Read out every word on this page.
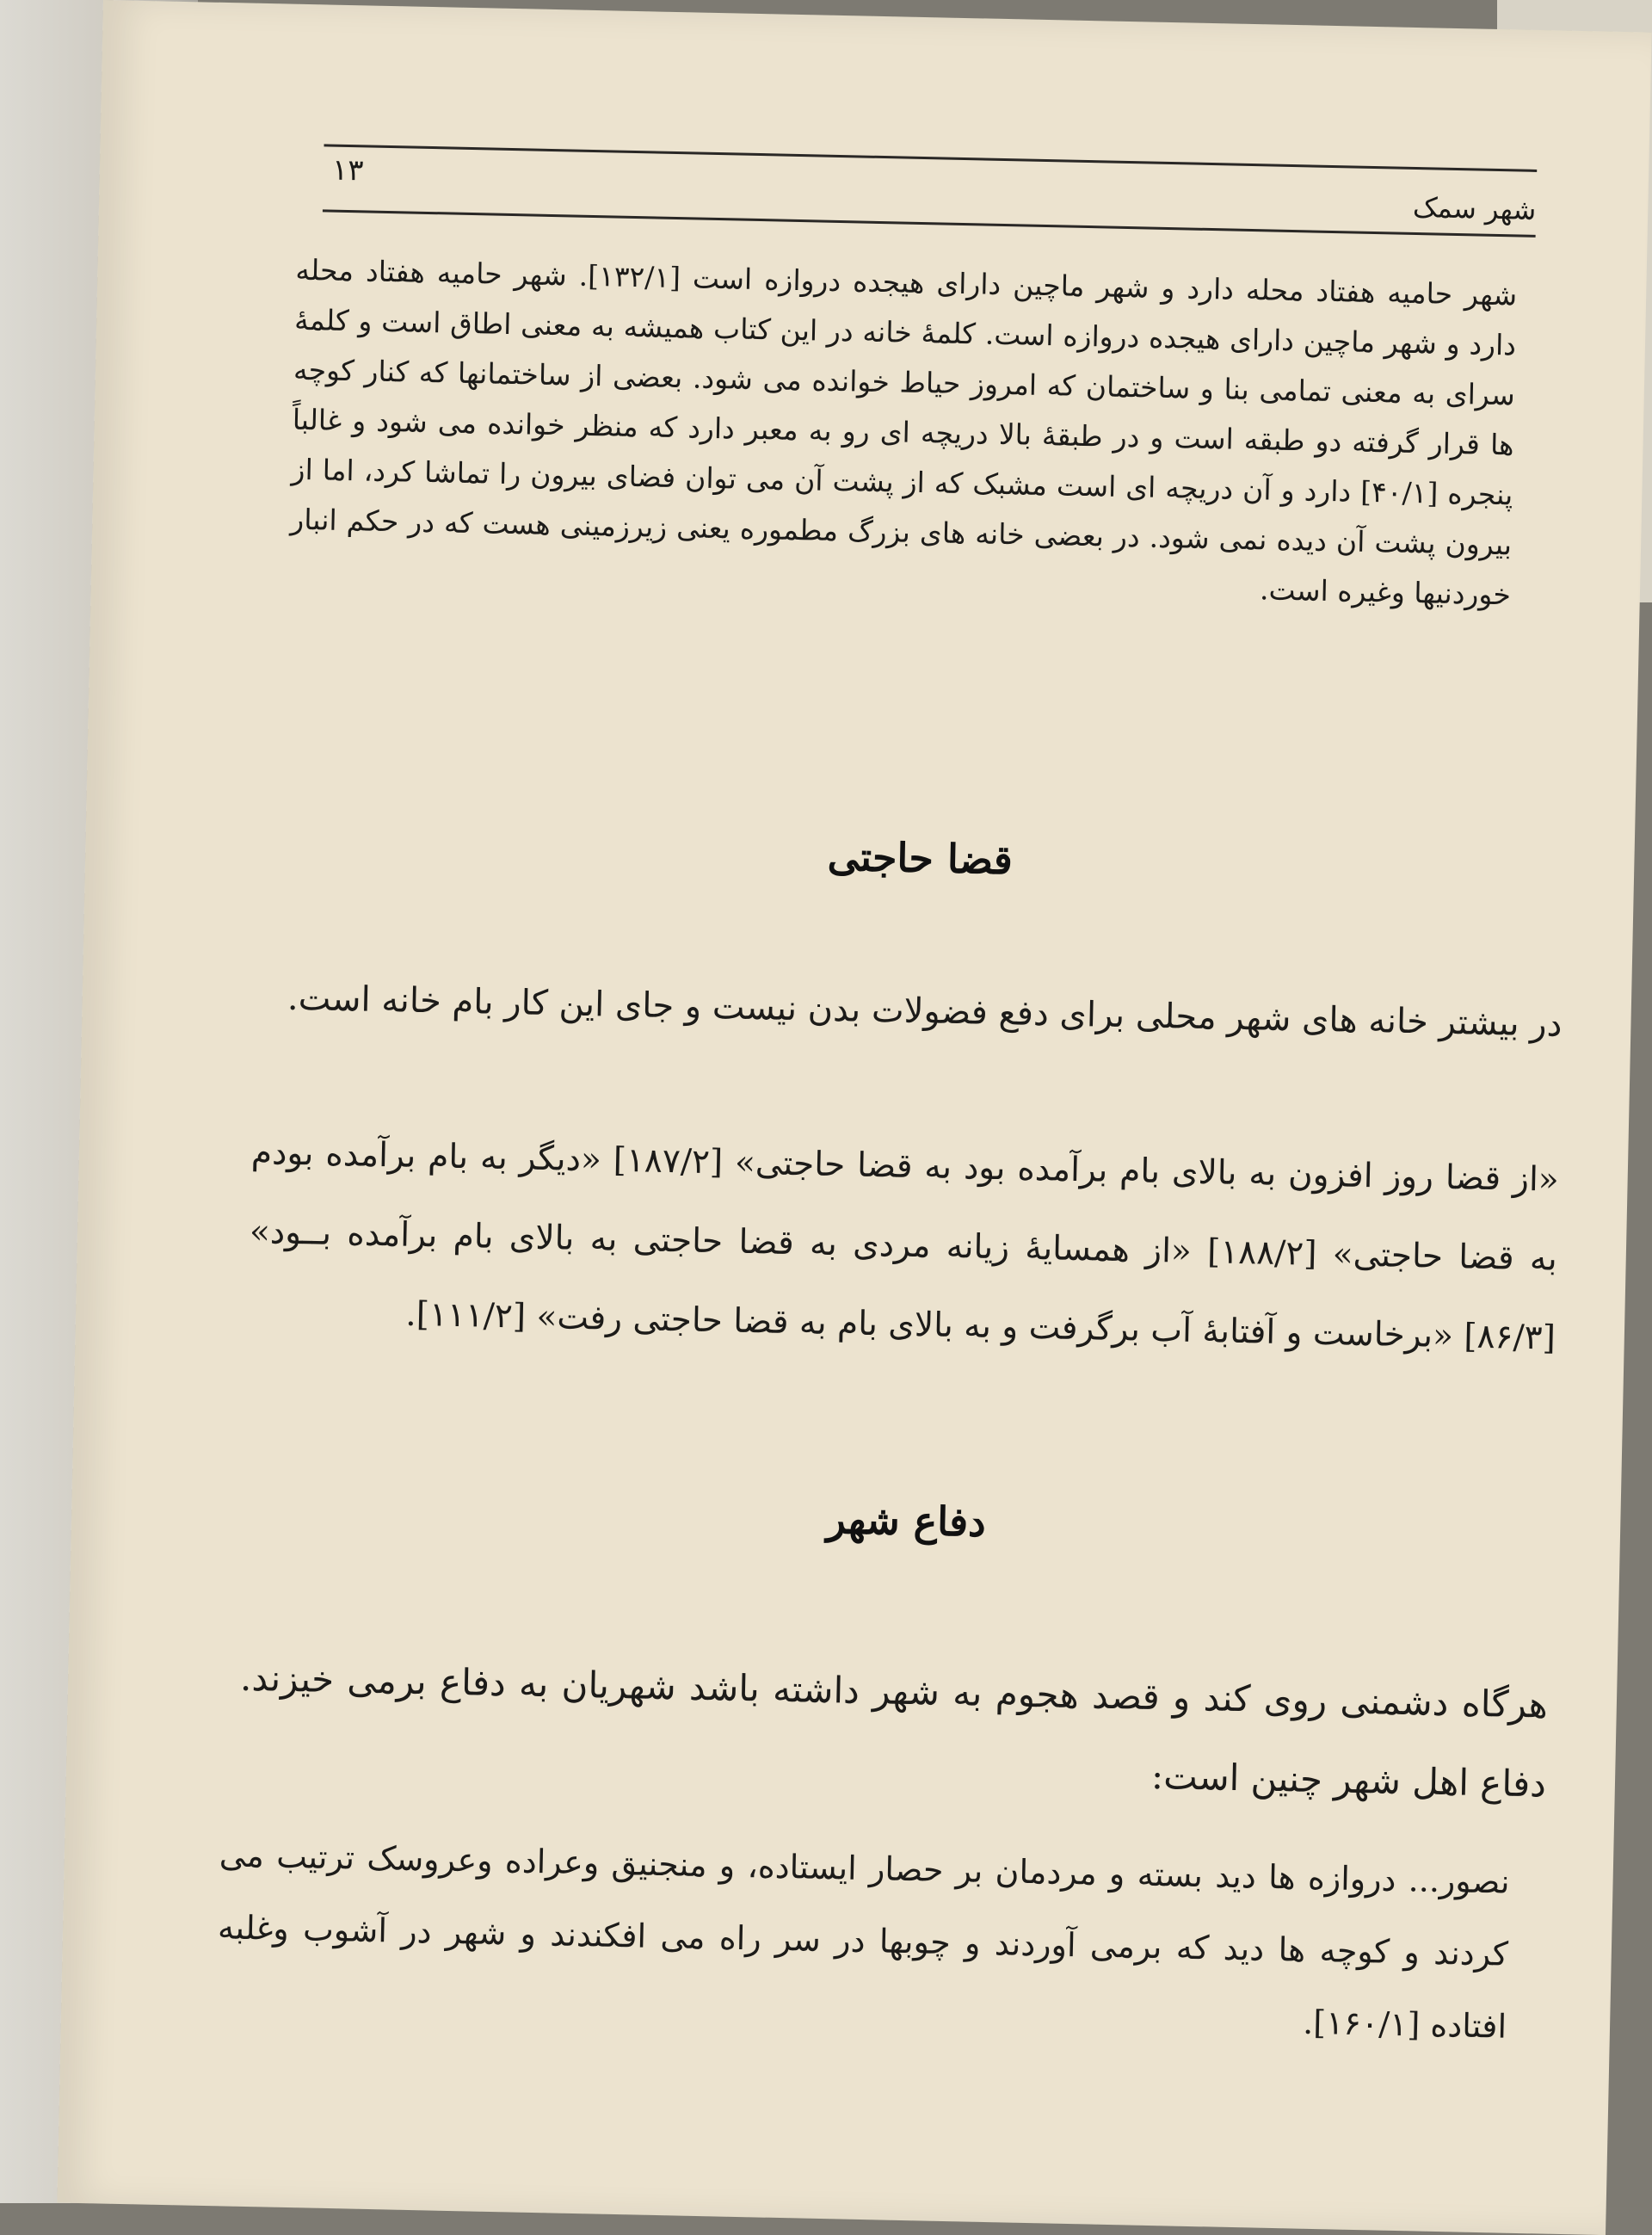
۱۳
شهر سمک
شهر حامیه هفتاد محله دارد و شهر ماچین دارای هیجده دروازه است [۱۳۲/۱]. شهر حامیه هفتاد محله دارد و شهر ماچین دارای هیجده دروازه است. کلمهٔ خانه در این کتاب همیشه به معنی اطاق است و کلمهٔ سرای به معنی تمامی بنا و ساختمان که امروز حیاط خوانده می شود. بعضی از ساختمانها که کنار کوچه ها قرار گرفته دو طبقه است و در طبقهٔ بالا دریچه ای رو به معبر دارد که منظر خوانده می شود و غالباً پنجره [۴۰/۱] دارد و آن دریچه ای است مشبک که از پشت آن می توان فضای بیرون را تماشا کرد، اما از بیرون پشت آن دیده نمی شود. در بعضی خانه های بزرگ مطموره یعنی زیرزمینی هست که در حکم انبار خوردنیها وغیره است.
قضا حاجتی
در بیشتر خانه های شهر محلی برای دفع فضولات بدن نیست و جای این کار بام خانه است.
«از قضا روز افزون به بالای بام برآمده بود به قضا حاجتی» [۱۸۷/۲] «دیگر به بام برآمده بودم به قضا حاجتی» [۱۸۸/۲] «از همسایهٔ زیانه مردی به قضا حاجتی به بالای بام برآمده بــود» [۸۶/۳] «برخاست و آفتابهٔ آب برگرفت و به بالای بام به قضا حاجتی رفت» [۱۱۱/۲].
دفاع شهر
هرگاه دشمنی روی کند و قصد هجوم به شهر داشته باشد شهریان به دفاع برمی خیزند. دفاع اهل شهر چنین است:
نصور... دروازه ها دید بسته و مردمان بر حصار ایستاده، و منجنیق وعراده وعروسک ترتیب می کردند و کوچه ها دید که برمی آوردند و چوبها در سر راه می افکندند و شهر در آشوب وغلبه افتاده [۱۶۰/۱].
